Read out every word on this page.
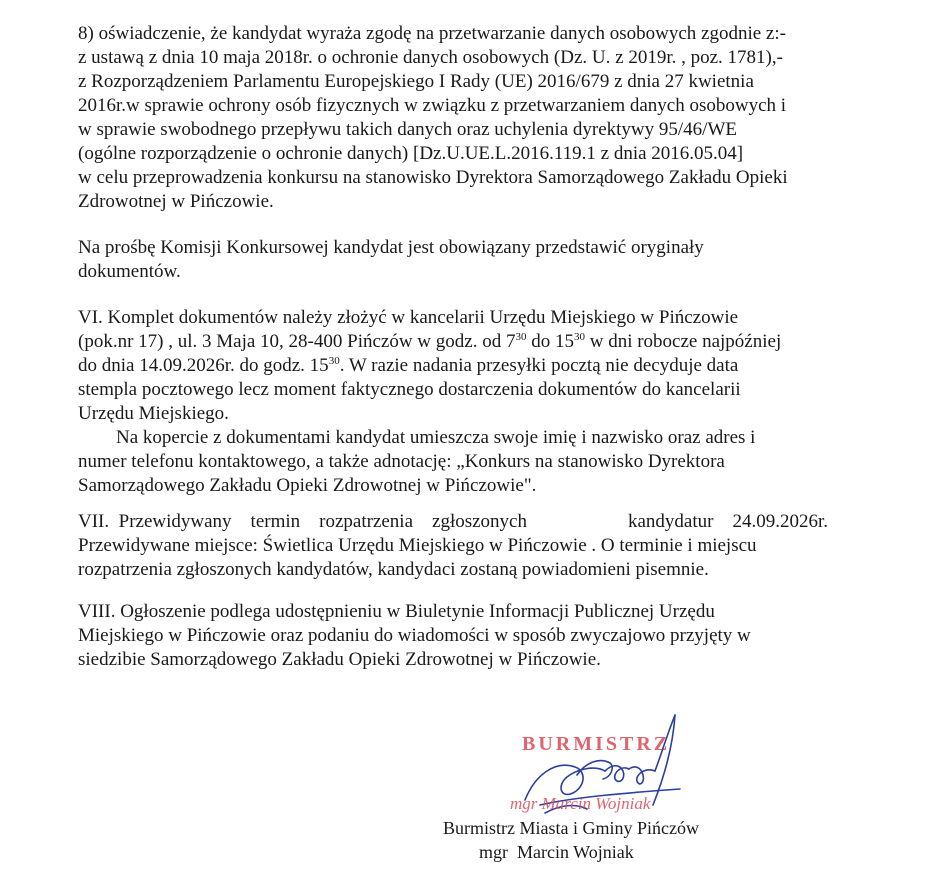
8) oświadczenie, że kandydat wyraża zgodę na przetwarzanie danych osobowych zgodnie z:-
z ustawą z dnia 10 maja 2018r. o ochronie danych osobowych (Dz. U. z 2019r. , poz. 1781),-
z Rozporządzeniem Parlamentu Europejskiego I Rady (UE) 2016/679 z dnia 27 kwietnia
2016r.w sprawie ochrony osób fizycznych w związku z przetwarzaniem danych osobowych i
w sprawie swobodnego przepływu takich danych oraz uchylenia dyrektywy 95/46/WE
(ogólne rozporządzenie o ochronie danych) [Dz.U.UE.L.2016.119.1 z dnia 2016.05.04]
w celu przeprowadzenia konkursu na stanowisko Dyrektora Samorządowego Zakładu Opieki
Zdrowotnej w Pińczowie.
Na prośbę Komisji Konkursowej kandydat jest obowiązany przedstawić oryginały
dokumentów.
VI. Komplet dokumentów należy złożyć w kancelarii Urzędu Miejskiego w Pińczowie
(pok.nr 17) , ul. 3 Maja 10, 28-400 Pińczów w godz. od $7^{30}$ do $15^{30}$ w dni robocze najpóźniej
do dnia 14.09.2026r. do godz. $15^{30}$. W razie nadania przesyłki pocztą nie decyduje data
stempla pocztowego lecz moment faktycznego dostarczenia dokumentów do kancelarii
Urzędu Miejskiego.
Na kopercie z dokumentami kandydat umieszcza swoje imię i nazwisko oraz adres i
numer telefonu kontaktowego, a także adnotację: „Konkurs na stanowisko Dyrektora
Samorządowego Zakładu Opieki Zdrowotnej w Pińczowie".
VII.  Przewidywany    termin    rozpatrzenia    zgłoszonych	kandydatur    24.09.2026r.
Przewidywane miejsce: Świetlica Urzędu Miejskiego w Pińczowie . O terminie i miejscu
rozpatrzenia zgłoszonych kandydatów, kandydaci zostaną powiadomieni pisemnie.
VIII. Ogłoszenie podlega udostępnieniu w Biuletynie Informacji Publicznej Urzędu
Miejskiego w Pińczowie oraz podaniu do wiadomości w sposób zwyczajowo przyjęty w
siedzibie Samorządowego Zakładu Opieki Zdrowotnej w Pińczowie.
BURMISTRZ
mgr Marcin Wojniak
Burmistrz Miasta i Gminy Pińczów
mgr  Marcin Wojniak
